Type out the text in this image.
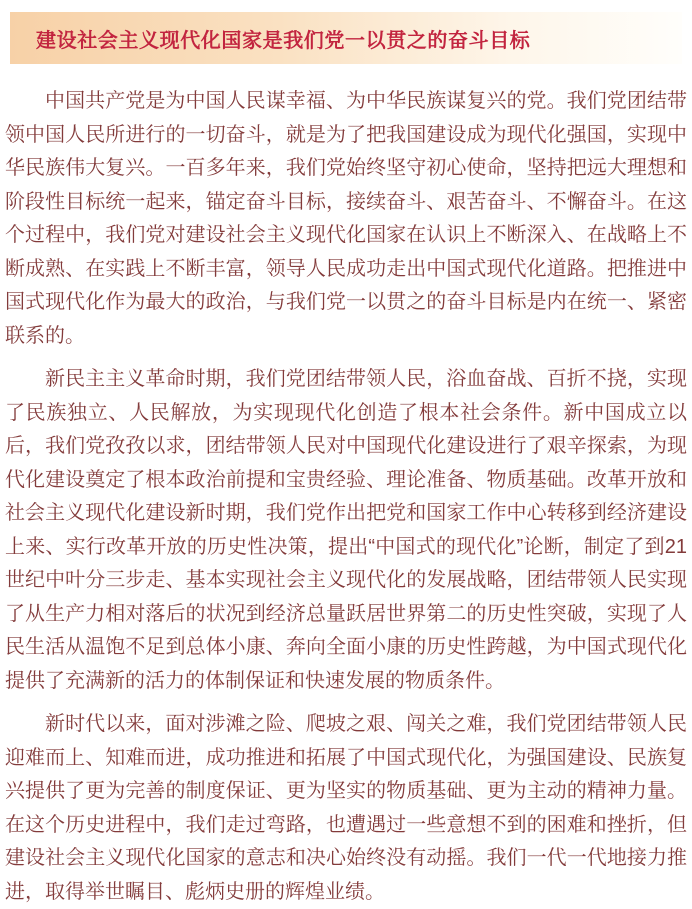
建设社会主义现代化国家是我们党一以贯之的奋斗目标

中国共产党是为中国人民谋幸福、为中华民族谋复兴的党。我们党团结带领中国人民所进行的一切奋斗，就是为了把我国建设成为现代化强国，实现中华民族伟大复兴。一百多年来，我们党始终坚守初心使命，坚持把远大理想和阶段性目标统一起来，锚定奋斗目标，接续奋斗、艰苦奋斗、不懈奋斗。在这个过程中，我们党对建设社会主义现代化国家在认识上不断深入、在战略上不断成熟、在实践上不断丰富，领导人民成功走出中国式现代化道路。把推进中国式现代化作为最大的政治，与我们党一以贯之的奋斗目标是内在统一、紧密联系的。

新民主主义革命时期，我们党团结带领人民，浴血奋战、百折不挠，实现了民族独立、人民解放，为实现现代化创造了根本社会条件。新中国成立以后，我们党孜孜以求，团结带领人民对中国现代化建设进行了艰辛探索，为现代化建设奠定了根本政治前提和宝贵经验、理论准备、物质基础。改革开放和社会主义现代化建设新时期，我们党作出把党和国家工作中心转移到经济建设上来、实行改革开放的历史性决策，提出“中国式的现代化”论断，制定了到21世纪中叶分三步走、基本实现社会主义现代化的发展战略，团结带领人民实现了从生产力相对落后的状况到经济总量跃居世界第二的历史性突破，实现了人民生活从温饱不足到总体小康、奔向全面小康的历史性跨越，为中国式现代化提供了充满新的活力的体制保证和快速发展的物质条件。

新时代以来，面对涉滩之险、爬坡之艰、闯关之难，我们党团结带领人民迎难而上、知难而进，成功推进和拓展了中国式现代化，为强国建设、民族复兴提供了更为完善的制度保证、更为坚实的物质基础、更为主动的精神力量。在这个历史进程中，我们走过弯路，也遭遇过一些意想不到的困难和挫折，但建设社会主义现代化国家的意志和决心始终没有动摇。我们一代一代地接力推进，取得举世瞩目、彪炳史册的辉煌业绩。
